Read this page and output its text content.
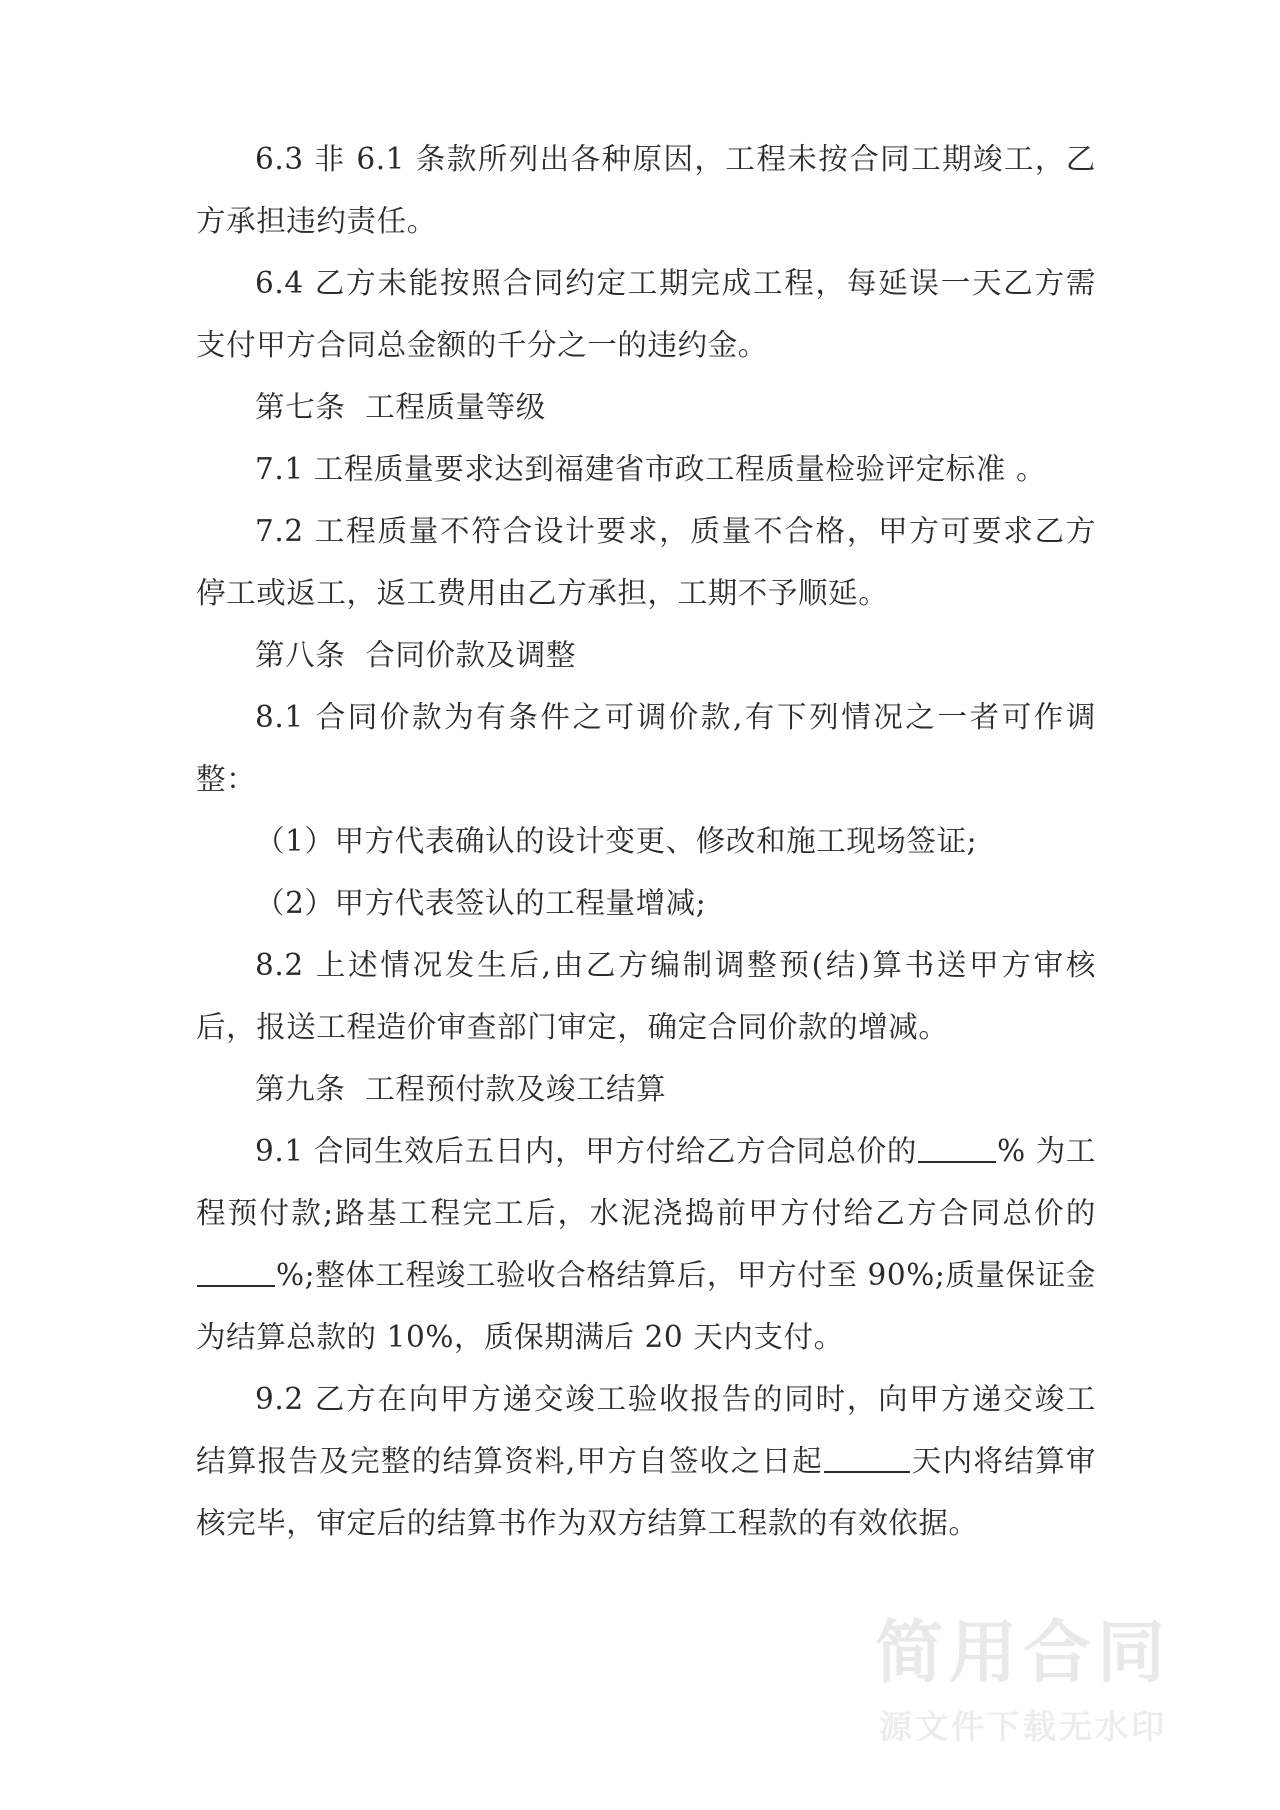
6.3 非 6.1 条款所列出各种原因，工程未按合同工期竣工，乙方承担违约责任。

6.4 乙方未能按照合同约定工期完成工程，每延误一天乙方需支付甲方合同总金额的千分之一的违约金。

第七条  工程质量等级

7.1 工程质量要求达到福建省市政工程质量检验评定标准 。

7.2 工程质量不符合设计要求，质量不合格，甲方可要求乙方停工或返工，返工费用由乙方承担，工期不予顺延。

第八条  合同价款及调整

8.1 合同价款为有条件之可调价款,有下列情况之一者可作调整：

（1）甲方代表确认的设计变更、修改和施工现场签证;

（2）甲方代表签认的工程量增减;

8.2 上述情况发生后,由乙方编制调整预(结)算书送甲方审核后，报送工程造价审查部门审定，确定合同价款的增减。

第九条  工程预付款及竣工结算

9.1 合同生效后五日内，甲方付给乙方合同总价的	% 为工程预付款;路基工程完工后，水泥浇捣前甲方付给乙方合同总价的%;整体工程竣工验收合格结算后，甲方付至 90%;质量保证金为结算总款的 10%，质保期满后 20 天内支付。

9.2 乙方在向甲方递交竣工验收报告的同时，向甲方递交竣工结算报告及完整的结算资料,甲方自签收之日起	天内将结算审核完毕，审定后的结算书作为双方结算工程款的有效依据。

简用合同
源文件下载无水印
